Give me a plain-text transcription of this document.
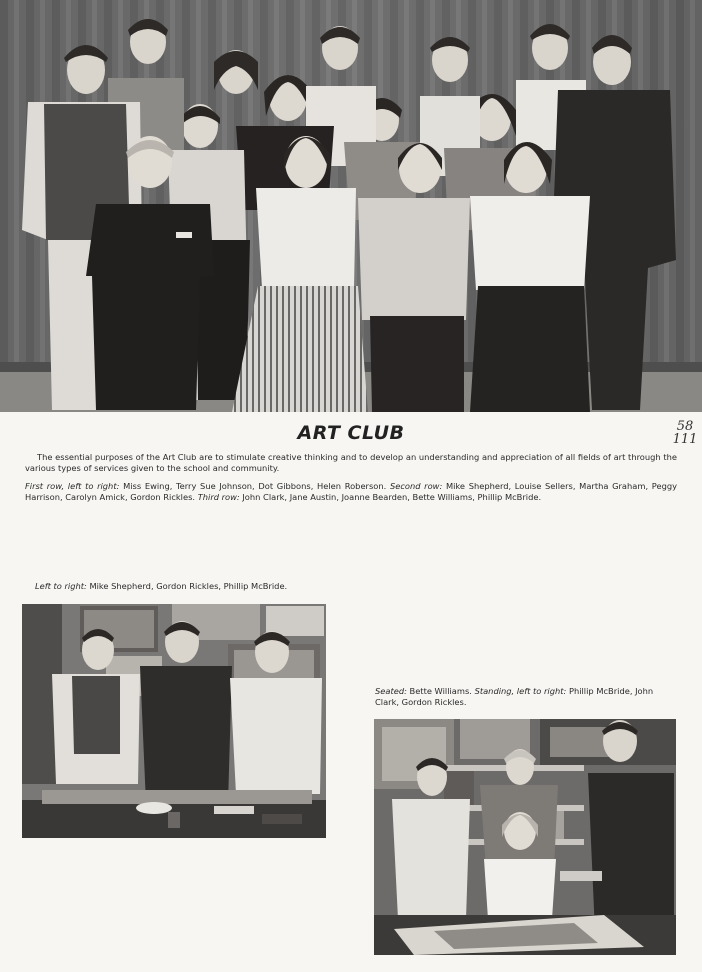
ART CLUB	58
111

The essential purposes of the Art Club are to stimulate creative thinking and to develop an understanding and appreciation of all fields of art through the various types of services given to the school and community.

First row, left to right: Miss Ewing, Terry Sue Johnson, Dot Gibbons, Helen Roberson. Second row: Mike Shepherd, Louise Sellers, Martha Graham, Peggy Harrison, Carolyn Amick, Gordon Rickles. Third row: John Clark, Jane Austin, Joanne Bearden, Bette Williams, Phillip McBride.

Left to right: Mike Shepherd, Gordon Rickles, Phillip McBride.
Seated: Bette Williams. Standing, left to right: Phillip McBride, John Clark, Gordon Rickles.
